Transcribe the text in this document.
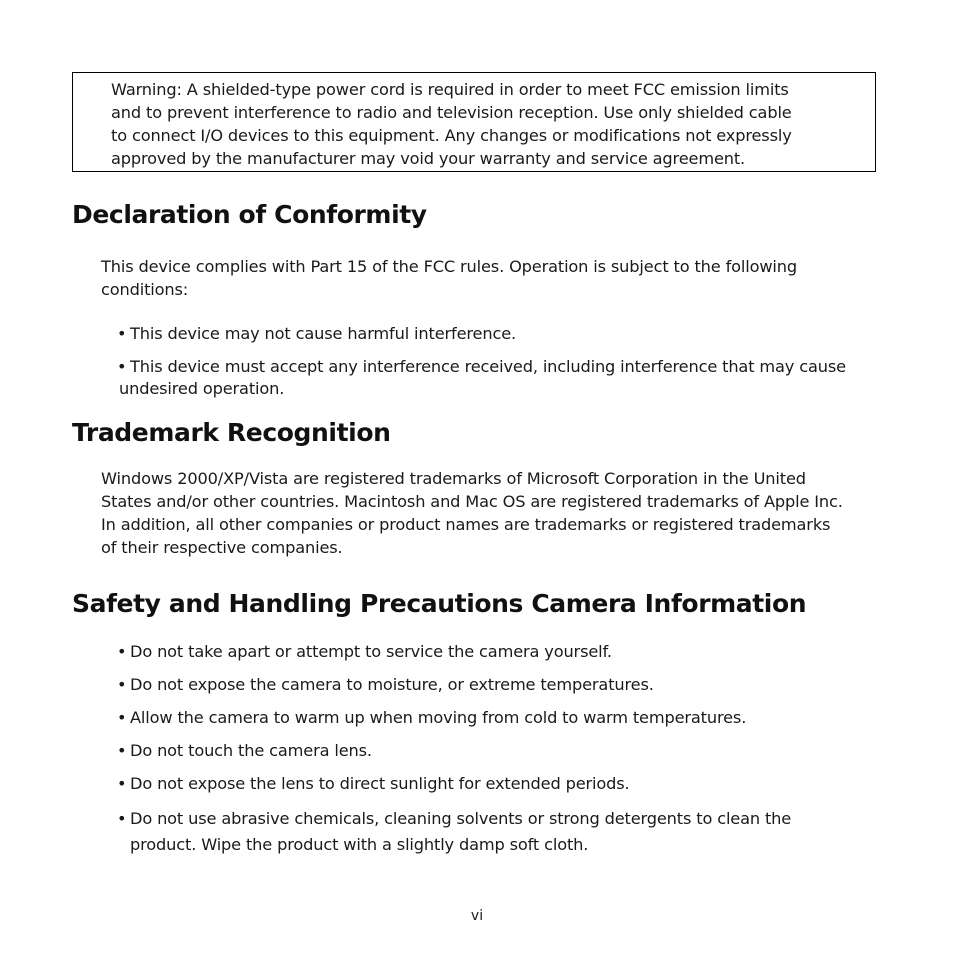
Warning: A shielded-type power cord is required in order to meet FCC emission limits
and to prevent interference to radio and television reception. Use only shielded cable
to connect I/O devices to this equipment. Any changes or modifications not expressly
approved by the manufacturer may void your warranty and service agreement.
Declaration of Conformity
This device complies with Part 15 of the FCC rules. Operation is subject to the following
conditions:
• This device may not cause harmful interference.
• This device must accept any interference received, including interference that may cause
undesired operation.
Trademark Recognition
Windows 2000/XP/Vista are registered trademarks of Microsoft Corporation in the United
States and/or other countries. Macintosh and Mac OS are registered trademarks of Apple Inc.
In addition, all other companies or product names are trademarks or registered trademarks
of their respective companies.
Safety and Handling Precautions Camera Information
• Do not take apart or attempt to service the camera yourself.
• Do not expose the camera to moisture, or extreme temperatures.
• Allow the camera to warm up when moving from cold to warm temperatures.
• Do not touch the camera lens.
• Do not expose the lens to direct sunlight for extended periods.
• Do not use abrasive chemicals, cleaning solvents or strong detergents to clean the
product. Wipe the product with a slightly damp soft cloth.
vi
